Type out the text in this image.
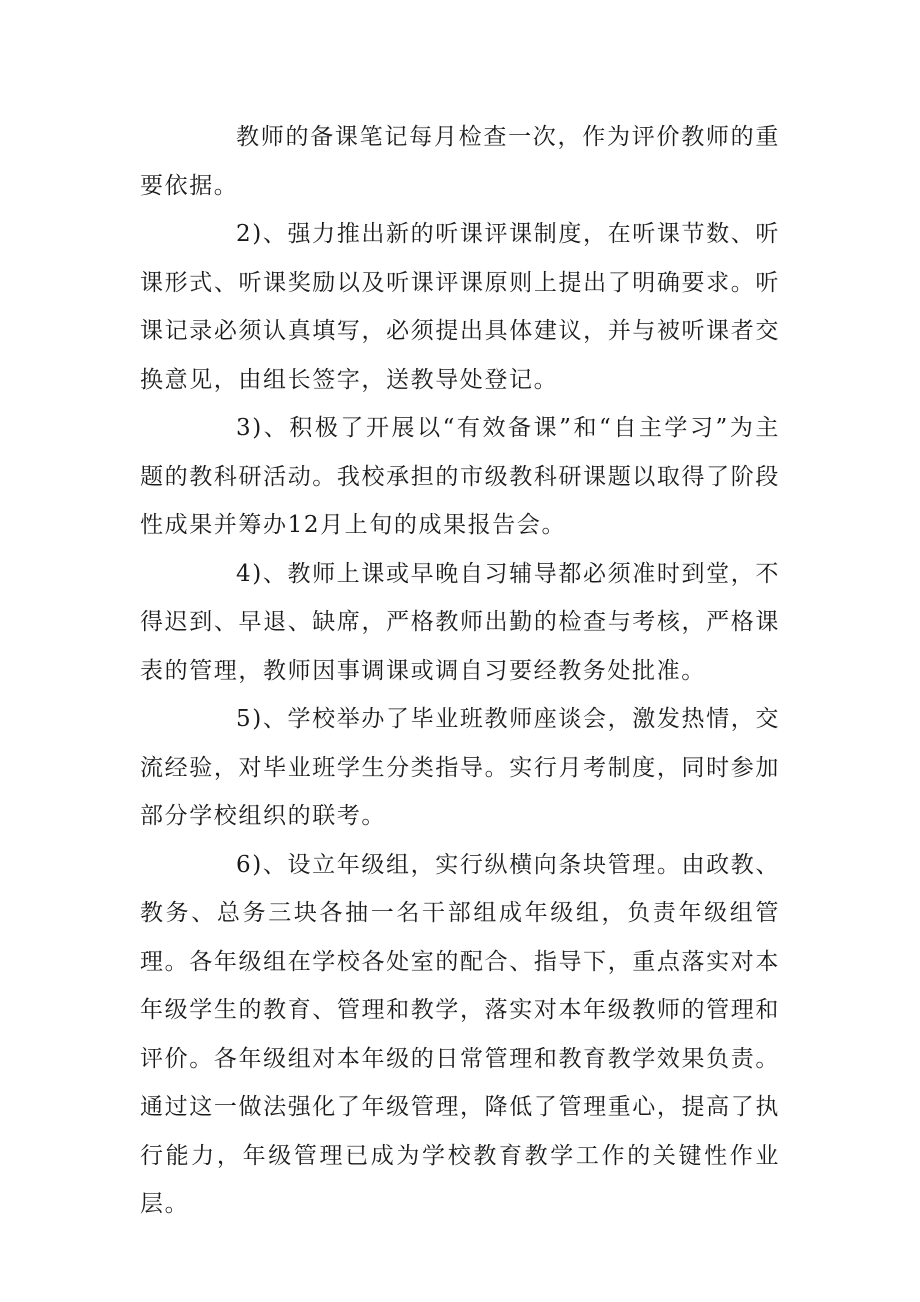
教师的备课笔记每月检查一次，作为评价教师的重要依据。

2)、强力推出新的听课评课制度，在听课节数、听课形式、听课奖励以及听课评课原则上提出了明确要求。听课记录必须认真填写，必须提出具体建议，并与被听课者交换意见，由组长签字，送教导处登记。

3)、积极了开展以“有效备课”和“自主学习”为主题的教科研活动。我校承担的市级教科研课题以取得了阶段性成果并筹办12月上旬的成果报告会。

4)、教师上课或早晚自习辅导都必须准时到堂，不得迟到、早退、缺席，严格教师出勤的检查与考核，严格课表的管理，教师因事调课或调自习要经教务处批准。

5)、学校举办了毕业班教师座谈会，激发热情，交流经验，对毕业班学生分类指导。实行月考制度，同时参加部分学校组织的联考。

6)、设立年级组，实行纵横向条块管理。由政教、教务、总务三块各抽一名干部组成年级组，负责年级组管理。各年级组在学校各处室的配合、指导下，重点落实对本年级学生的教育、管理和教学，落实对本年级教师的管理和评价。各年级组对本年级的日常管理和教育教学效果负责。通过这一做法强化了年级管理，降低了管理重心，提高了执行能力，年级管理已成为学校教育教学工作的关键性作业层。
